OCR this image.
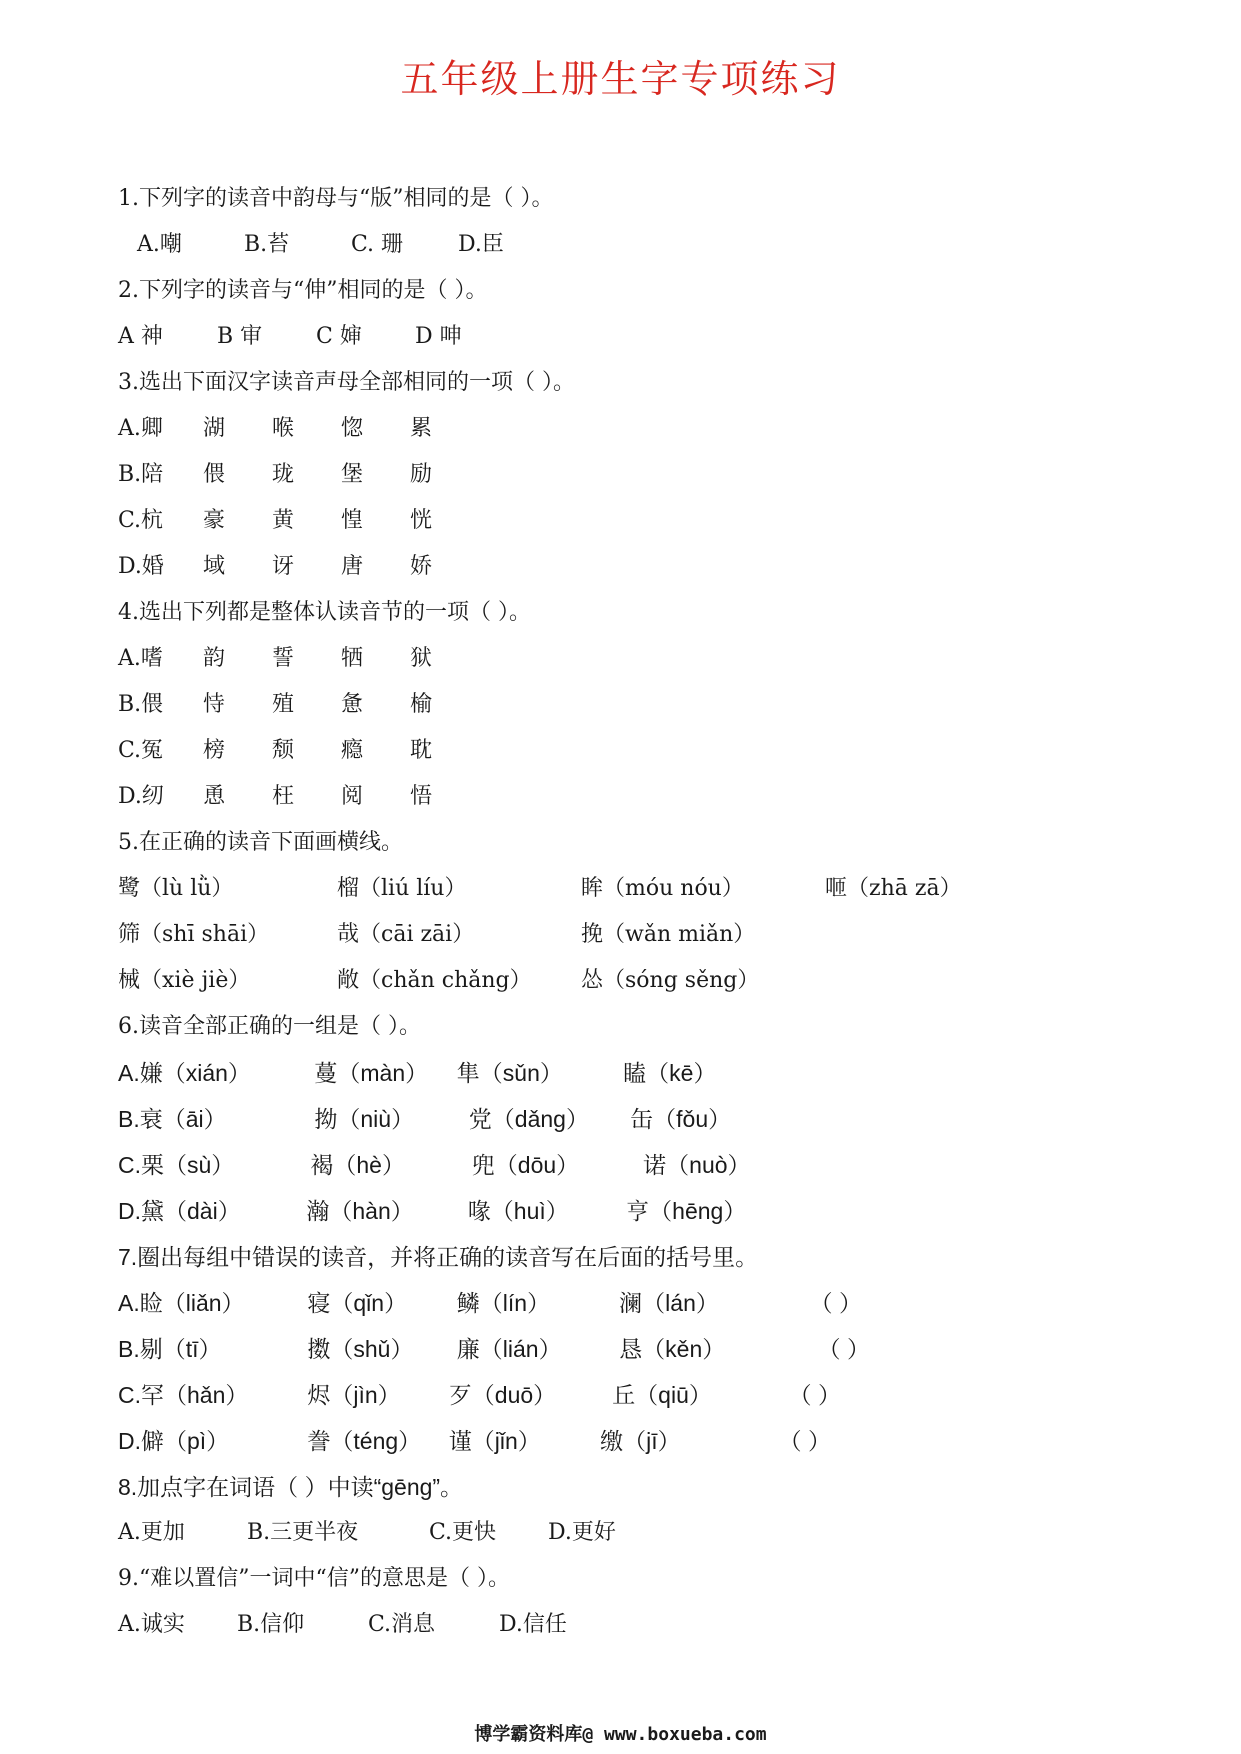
五年级上册生字专项练习
1.下列字的读音中韵母与“版”相同的是（ ）。
A.嘲	B.苔	C. 珊 D.臣
2.下列字的读音与“伸”相同的是（ ）。
A 神 B 审 C 婶 D 呻
3.选出下面汉字读音声母全部相同的一项（ ）。
A.卿 湖 喉 惚 累
B.陪 偎 珑 堡 励
C.杭 豪 黄 惶 恍
D.婚 域 讶 唐 娇
4.选出下列都是整体认读音节的一项（ ）。
A.嗜 韵 誓 牺 狱
B.偎 恃 殖 惫 榆
C.冤 榜 颓 瘾 耽
D.纫 恿 枉 阅 悟
5.在正确的读音下面画横线。
鹭（lù lǜ）	榴（liú líu）	眸（móu nóu）	咂（zhā zā）
筛（shī shāi）	哉（cāi zāi）	挽（wǎn miǎn）
械（xiè jiè）	敞（chǎn chǎng） 怂（sóng sěng）
6.读音全部正确的一组是（ ）。
A.嫌（xián）	蔓（màn） 隼（sǔn）	瞌（kē）
B.衰（āi）	拗（niù） 党（dǎng） 缶（fǒu）
C.栗（sù）	褐（hè）	兜（dōu）	诺（nuò）
D.黛（dài）	瀚（hàn） 喙（huì） 亨（hēng）
7.圈出每组中错误的读音，并将正确的读音写在后面的括号里。
A.睑（liǎn）	寝（qǐn） 鳞（lín）	澜（lán）	（ ）
B.剔（tī）	擞（shǔ） 廉（lián）	恳（kěn）	（ ）
C.罕（hǎn）	烬（jìn） 歹（duō） 丘（qiū）	（ ）
D.僻（pì）	誊（téng） 谨（jǐn）	缴（jī）	（ ）
8.加点字在词语（ ）中读“gēng”。
A.更加	B.三更半夜	C.更快 D.更好
9.“难以置信”一词中“信”的意思是（ ）。
A.诚实 B.信仰	C.消息	D.信任
博学霸资料库@ www.boxueba.com
